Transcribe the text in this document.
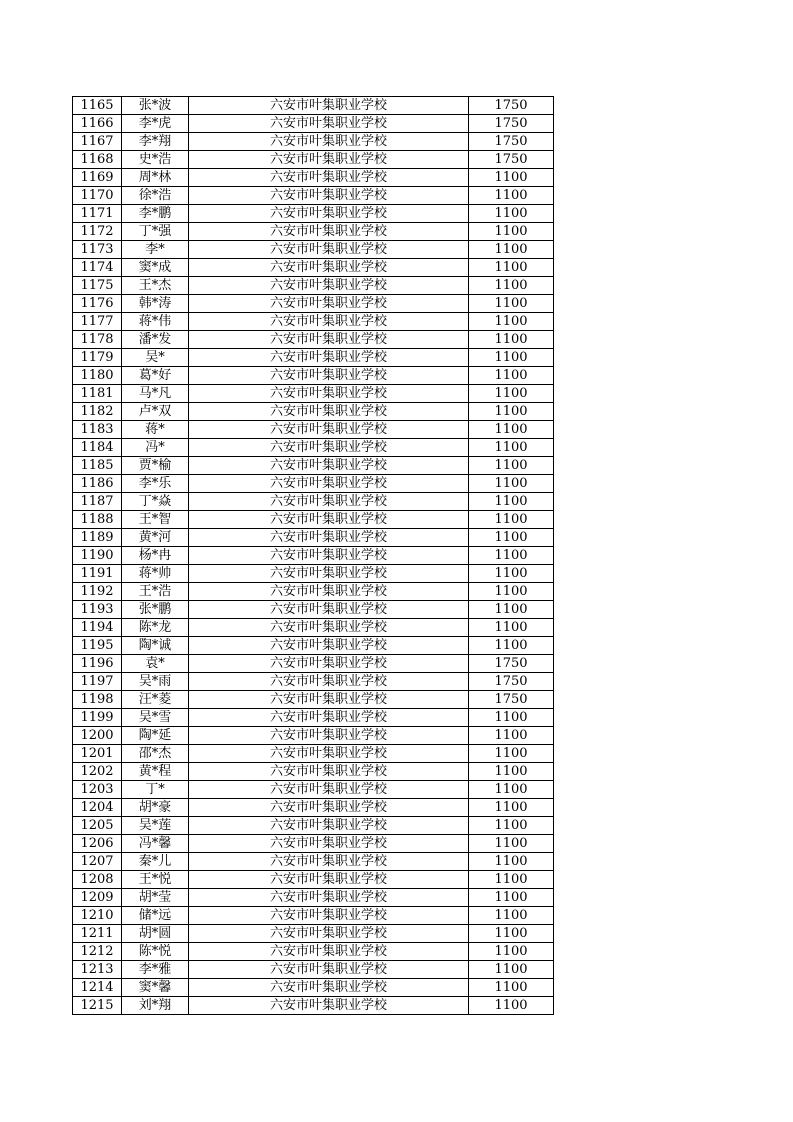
1165	张*波	六安市叶集职业学校	1750
1166	李*虎	六安市叶集职业学校	1750
1167	李*翔	六安市叶集职业学校	1750
1168	史*浩	六安市叶集职业学校	1750
1169	周*林	六安市叶集职业学校	1100
1170	徐*浩	六安市叶集职业学校	1100
1171	李*鹏	六安市叶集职业学校	1100
1172	丁*强	六安市叶集职业学校	1100
1173	李*	六安市叶集职业学校	1100
1174	窦*成	六安市叶集职业学校	1100
1175	王*杰	六安市叶集职业学校	1100
1176	韩*涛	六安市叶集职业学校	1100
1177	蒋*伟	六安市叶集职业学校	1100
1178	潘*发	六安市叶集职业学校	1100
1179	吴*	六安市叶集职业学校	1100
1180	葛*好	六安市叶集职业学校	1100
1181	马*凡	六安市叶集职业学校	1100
1182	卢*双	六安市叶集职业学校	1100
1183	蒋*	六安市叶集职业学校	1100
1184	冯*	六安市叶集职业学校	1100
1185	贾*榆	六安市叶集职业学校	1100
1186	李*乐	六安市叶集职业学校	1100
1187	丁*焱	六安市叶集职业学校	1100
1188	王*智	六安市叶集职业学校	1100
1189	黄*河	六安市叶集职业学校	1100
1190	杨*冉	六安市叶集职业学校	1100
1191	蒋*帅	六安市叶集职业学校	1100
1192	王*浩	六安市叶集职业学校	1100
1193	张*鹏	六安市叶集职业学校	1100
1194	陈*龙	六安市叶集职业学校	1100
1195	陶*诚	六安市叶集职业学校	1100
1196	袁*	六安市叶集职业学校	1750
1197	吴*雨	六安市叶集职业学校	1750
1198	汪*菱	六安市叶集职业学校	1750
1199	吴*雪	六安市叶集职业学校	1100
1200	陶*延	六安市叶集职业学校	1100
1201	邵*杰	六安市叶集职业学校	1100
1202	黄*程	六安市叶集职业学校	1100
1203	丁*	六安市叶集职业学校	1100
1204	胡*豪	六安市叶集职业学校	1100
1205	吴*莲	六安市叶集职业学校	1100
1206	冯*馨	六安市叶集职业学校	1100
1207	秦*儿	六安市叶集职业学校	1100
1208	王*悦	六安市叶集职业学校	1100
1209	胡*莹	六安市叶集职业学校	1100
1210	储*远	六安市叶集职业学校	1100
1211	胡*圆	六安市叶集职业学校	1100
1212	陈*悦	六安市叶集职业学校	1100
1213	李*雅	六安市叶集职业学校	1100
1214	窦*馨	六安市叶集职业学校	1100
1215	刘*翔	六安市叶集职业学校	1100
